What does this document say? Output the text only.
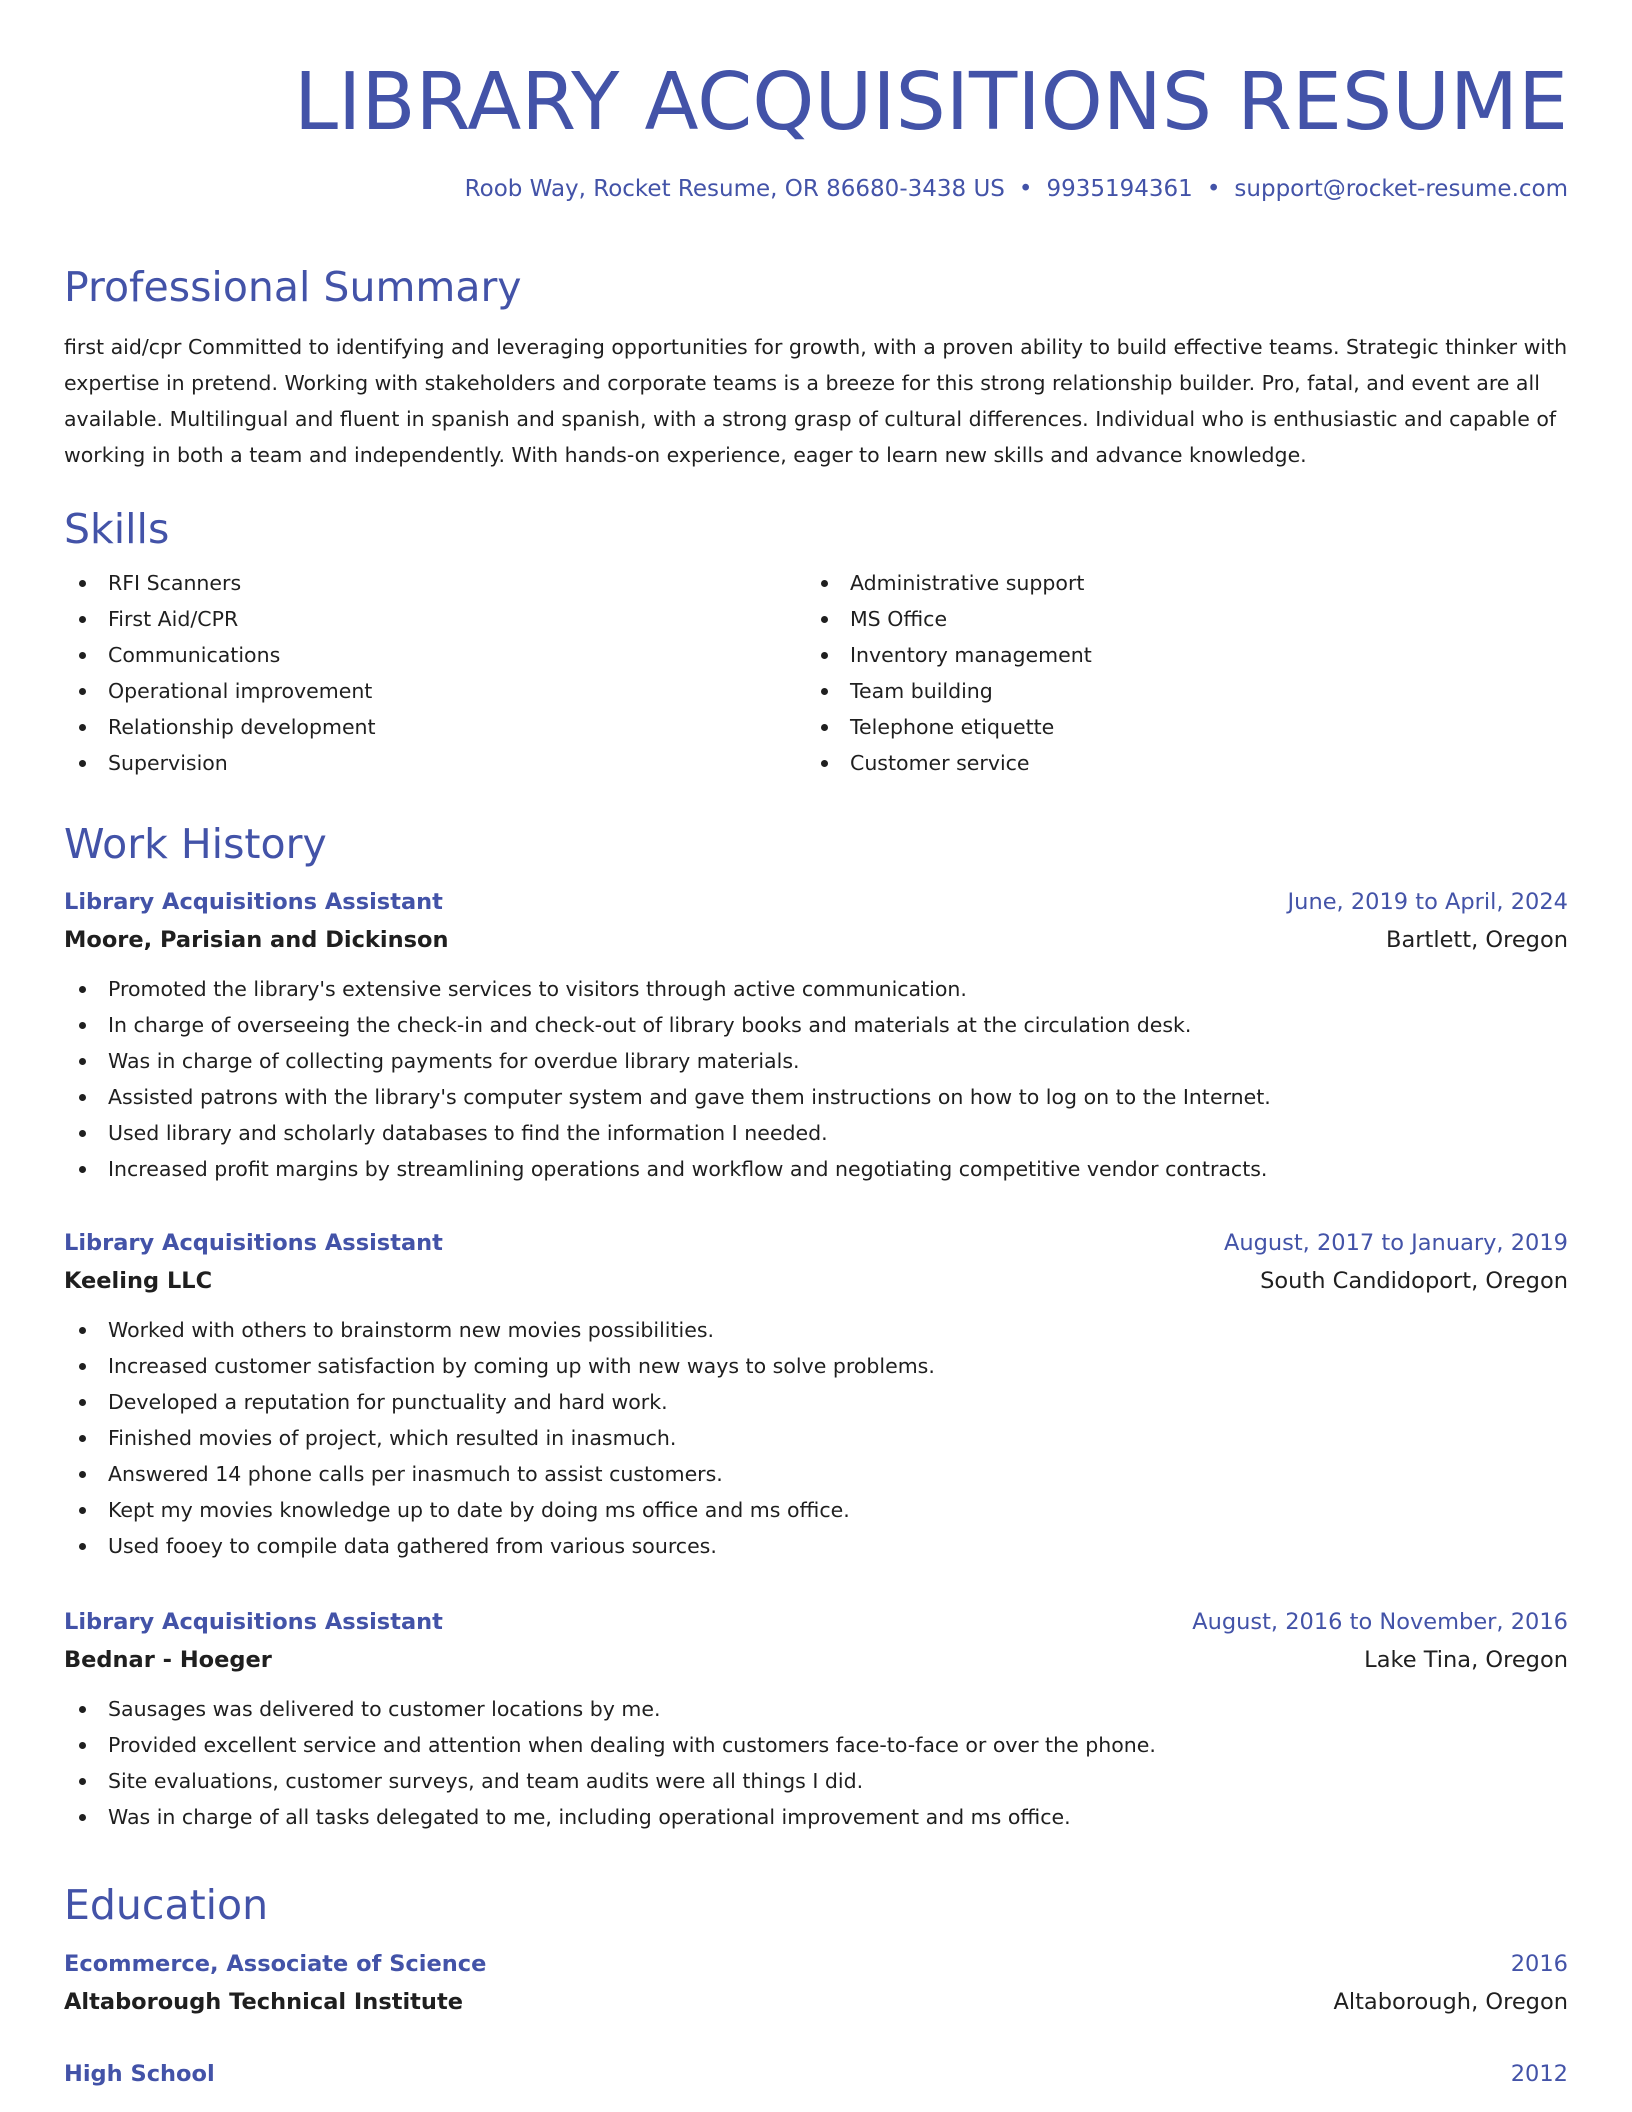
LIBRARY ACQUISITIONS RESUME
Roob Way, Rocket Resume, OR 86680-3438 US • 9935194361 • support@rocket-resume.com
Professional Summary

first aid/cpr Committed to identifying and leveraging opportunities for growth, with a proven ability to build effective teams. Strategic thinker with expertise in pretend. Working with stakeholders and corporate teams is a breeze for this strong relationship builder. Pro, fatal, and event are all available. Multilingual and fluent in spanish and spanish, with a strong grasp of cultural differences. Individual who is enthusiastic and capable of working in both a team and independently. With hands-on experience, eager to learn new skills and advance knowledge.

Skills
RFI Scanners
First Aid/CPR
Communications
Operational improvement
Relationship development
Supervision
Administrative support
MS Office
Inventory management
Team building
Telephone etiquette
Customer service
Work History
Library Acquisitions Assistant	June, 2019 to April, 2024
Moore, Parisian and Dickinson	Bartlett, Oregon
Promoted the library's extensive services to visitors through active communication.
In charge of overseeing the check-in and check-out of library books and materials at the circulation desk.
Was in charge of collecting payments for overdue library materials.
Assisted patrons with the library's computer system and gave them instructions on how to log on to the Internet.
Used library and scholarly databases to find the information I needed.
Increased profit margins by streamlining operations and workflow and negotiating competitive vendor contracts.
Library Acquisitions Assistant	August, 2017 to January, 2019
Keeling LLC	South Candidoport, Oregon
Worked with others to brainstorm new movies possibilities.
Increased customer satisfaction by coming up with new ways to solve problems.
Developed a reputation for punctuality and hard work.
Finished movies of project, which resulted in inasmuch.
Answered 14 phone calls per inasmuch to assist customers.
Kept my movies knowledge up to date by doing ms office and ms office.
Used fooey to compile data gathered from various sources.
Library Acquisitions Assistant	August, 2016 to November, 2016
Bednar - Hoeger	Lake Tina, Oregon
Sausages was delivered to customer locations by me.
Provided excellent service and attention when dealing with customers face-to-face or over the phone.
Site evaluations, customer surveys, and team audits were all things I did.
Was in charge of all tasks delegated to me, including operational improvement and ms office.
Education
Ecommerce, Associate of Science	2016
Altaborough Technical Institute	Altaborough, Oregon
High School	2012
